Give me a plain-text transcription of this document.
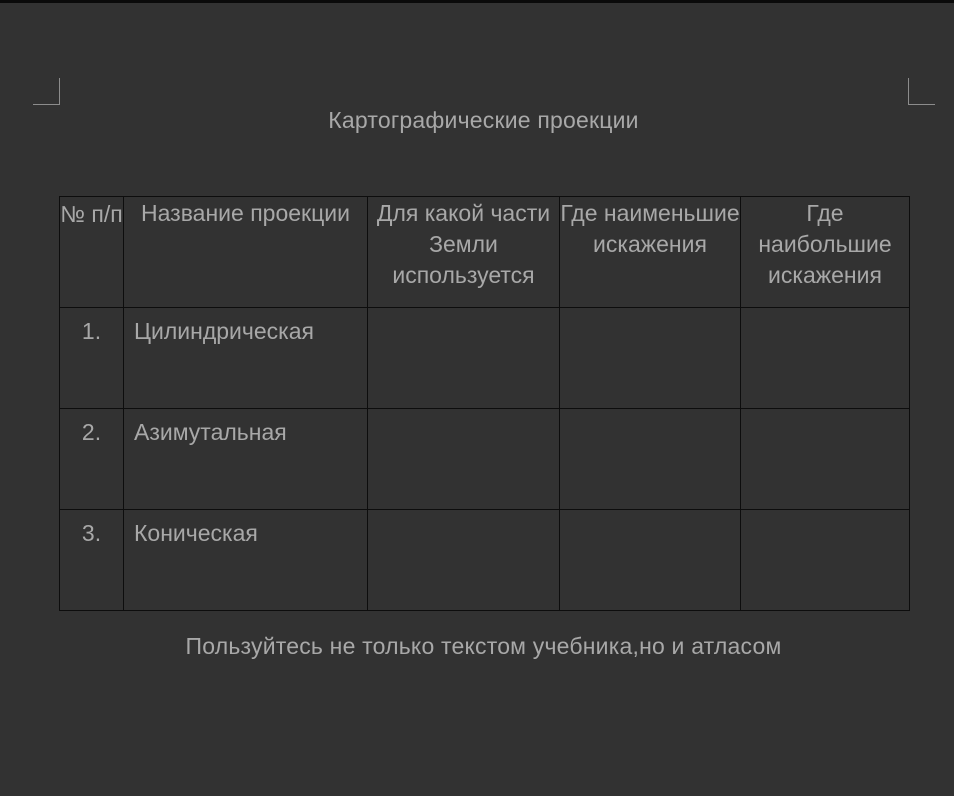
Картографические проекции
№ п/п	Название проекции	Для какой части Земли используется	Где наименьшие искажения	Где наибольшие искажения
1.	Цилиндрическая			
2.	Азимутальная			
3.	Коническая			
Пользуйтесь не только текстом учебника,но и атласом
